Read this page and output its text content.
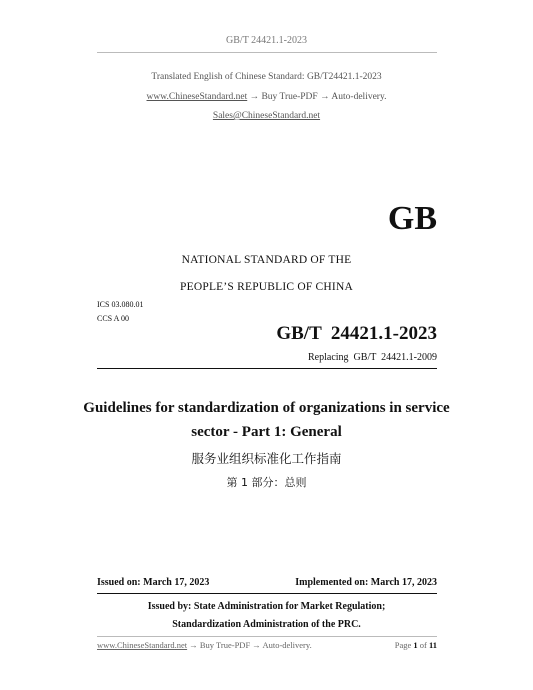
GB/T 24421.1-2023
Translated English of Chinese Standard: GB/T24421.1-2023
www.ChineseStandard.net → Buy True-PDF → Auto-delivery.
Sales@ChineseStandard.net
GB
NATIONAL STANDARD OF THE
PEOPLE’S REPUBLIC OF CHINA
ICS 03.080.01
CCS A 00
GB/T  24421.1-2023
Replacing  GB/T  24421.1-2009
Guidelines for standardization of organizations in service
sector - Part 1: General
服务业组织标准化工作指南
第 1 部分：总则
Issued on: March 17, 2023	Implemented on: March 17, 2023
Issued by: State Administration for Market Regulation;
Standardization Administration of the PRC.
www.ChineseStandard.net → Buy True-PDF → Auto-delivery.	Page 1 of 11
